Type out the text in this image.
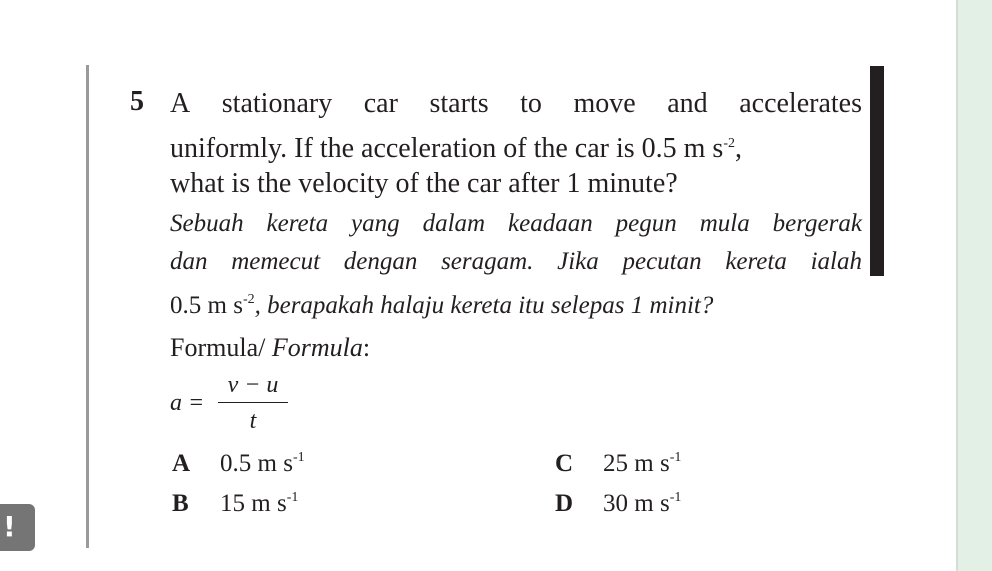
!
5 A stationary car starts to move and accelerates
uniformly. If the acceleration of the car is 0.5 m $s^{-2}$,
what is the velocity of the car after 1 minute?
Sebuah kereta yang dalam keadaan pegun mula bergerak
dan memecut dengan seragam. Jika pecutan kereta ialah
0.5 m $s^{-2}$, berapakah halaju kereta itu selepas 1 minit?
Formula/ Formula:
a =
v − u
t
A 0.5 m $s^{-1}$
B 15 m $s^{-1}$
C 25 m $s^{-1}$
D 30 m $s^{-1}$
